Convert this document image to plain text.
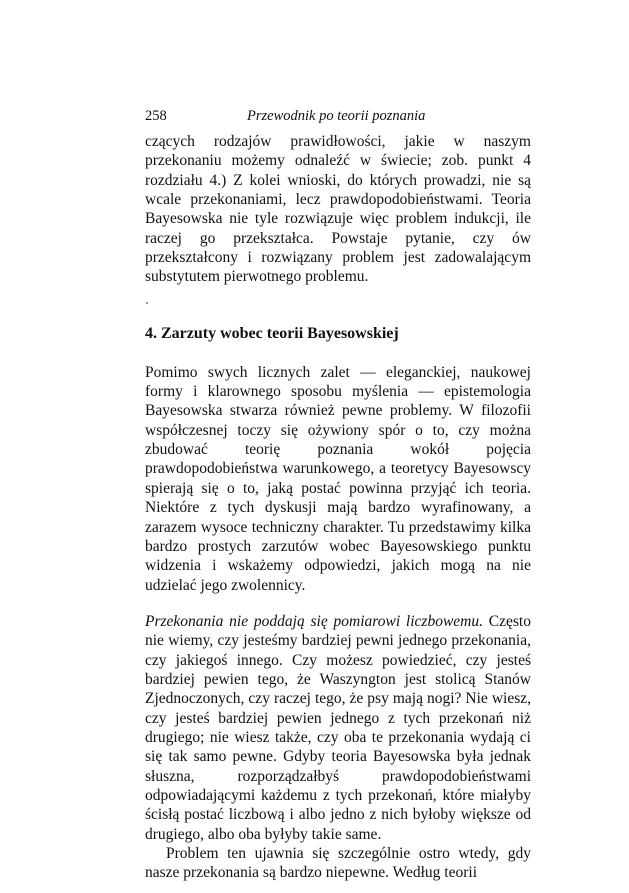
258	Przewodnik po teorii poznania

czących rodzajów prawidłowości, jakie w naszym przekonaniu możemy odnaleźć w świecie; zob. punkt 4 rozdziału 4.) Z kolei wnioski, do których prowadzi, nie są wcale przekonaniami, lecz prawdopodobieństwami. Teoria Bayesowska nie tyle rozwiązuje więc problem indukcji, ile raczej go przekształca. Powstaje pytanie, czy ów przekształcony i rozwiązany problem jest zadowalającym substytutem pierwotnego problemu.

4. Zarzuty wobec teorii Bayesowskiej

Pomimo swych licznych zalet — eleganckiej, naukowej formy i klarownego sposobu myślenia — epistemologia Bayesowska stwarza również pewne problemy. W filozofii współczesnej toczy się ożywiony spór o to, czy można zbudować teorię poznania wokół pojęcia prawdopodobieństwa warunkowego, a teoretycy Bayesowscy spierają się o to, jaką postać powinna przyjąć ich teoria. Niektóre z tych dyskusji mają bardzo wyrafinowany, a zarazem wysoce techniczny charakter. Tu przedstawimy kilka bardzo prostych zarzutów wobec Bayesowskiego punktu widzenia i wskażemy odpowiedzi, jakich mogą na nie udzielać jego zwolennicy.

Przekonania nie poddają się pomiarowi liczbowemu. Często nie wiemy, czy jesteśmy bardziej pewni jednego przekonania, czy jakiegoś innego. Czy możesz powiedzieć, czy jesteś bardziej pewien tego, że Waszyngton jest stolicą Stanów Zjednoczonych, czy raczej tego, że psy mają nogi? Nie wiesz, czy jesteś bardziej pewien jednego z tych przekonań niż drugiego; nie wiesz także, czy oba te przekonania wydają ci się tak samo pewne. Gdyby teoria Bayesowska była jednak słuszna, rozporządzałbyś prawdopodobieństwami odpowiadającymi każdemu z tych przekonań, które miałyby ścisłą postać liczbową i albo jedno z nich byłoby większe od drugiego, albo oba byłyby takie same.

Problem ten ujawnia się szczególnie ostro wtedy, gdy nasze przekonania są bardzo niepewne. Według teorii
